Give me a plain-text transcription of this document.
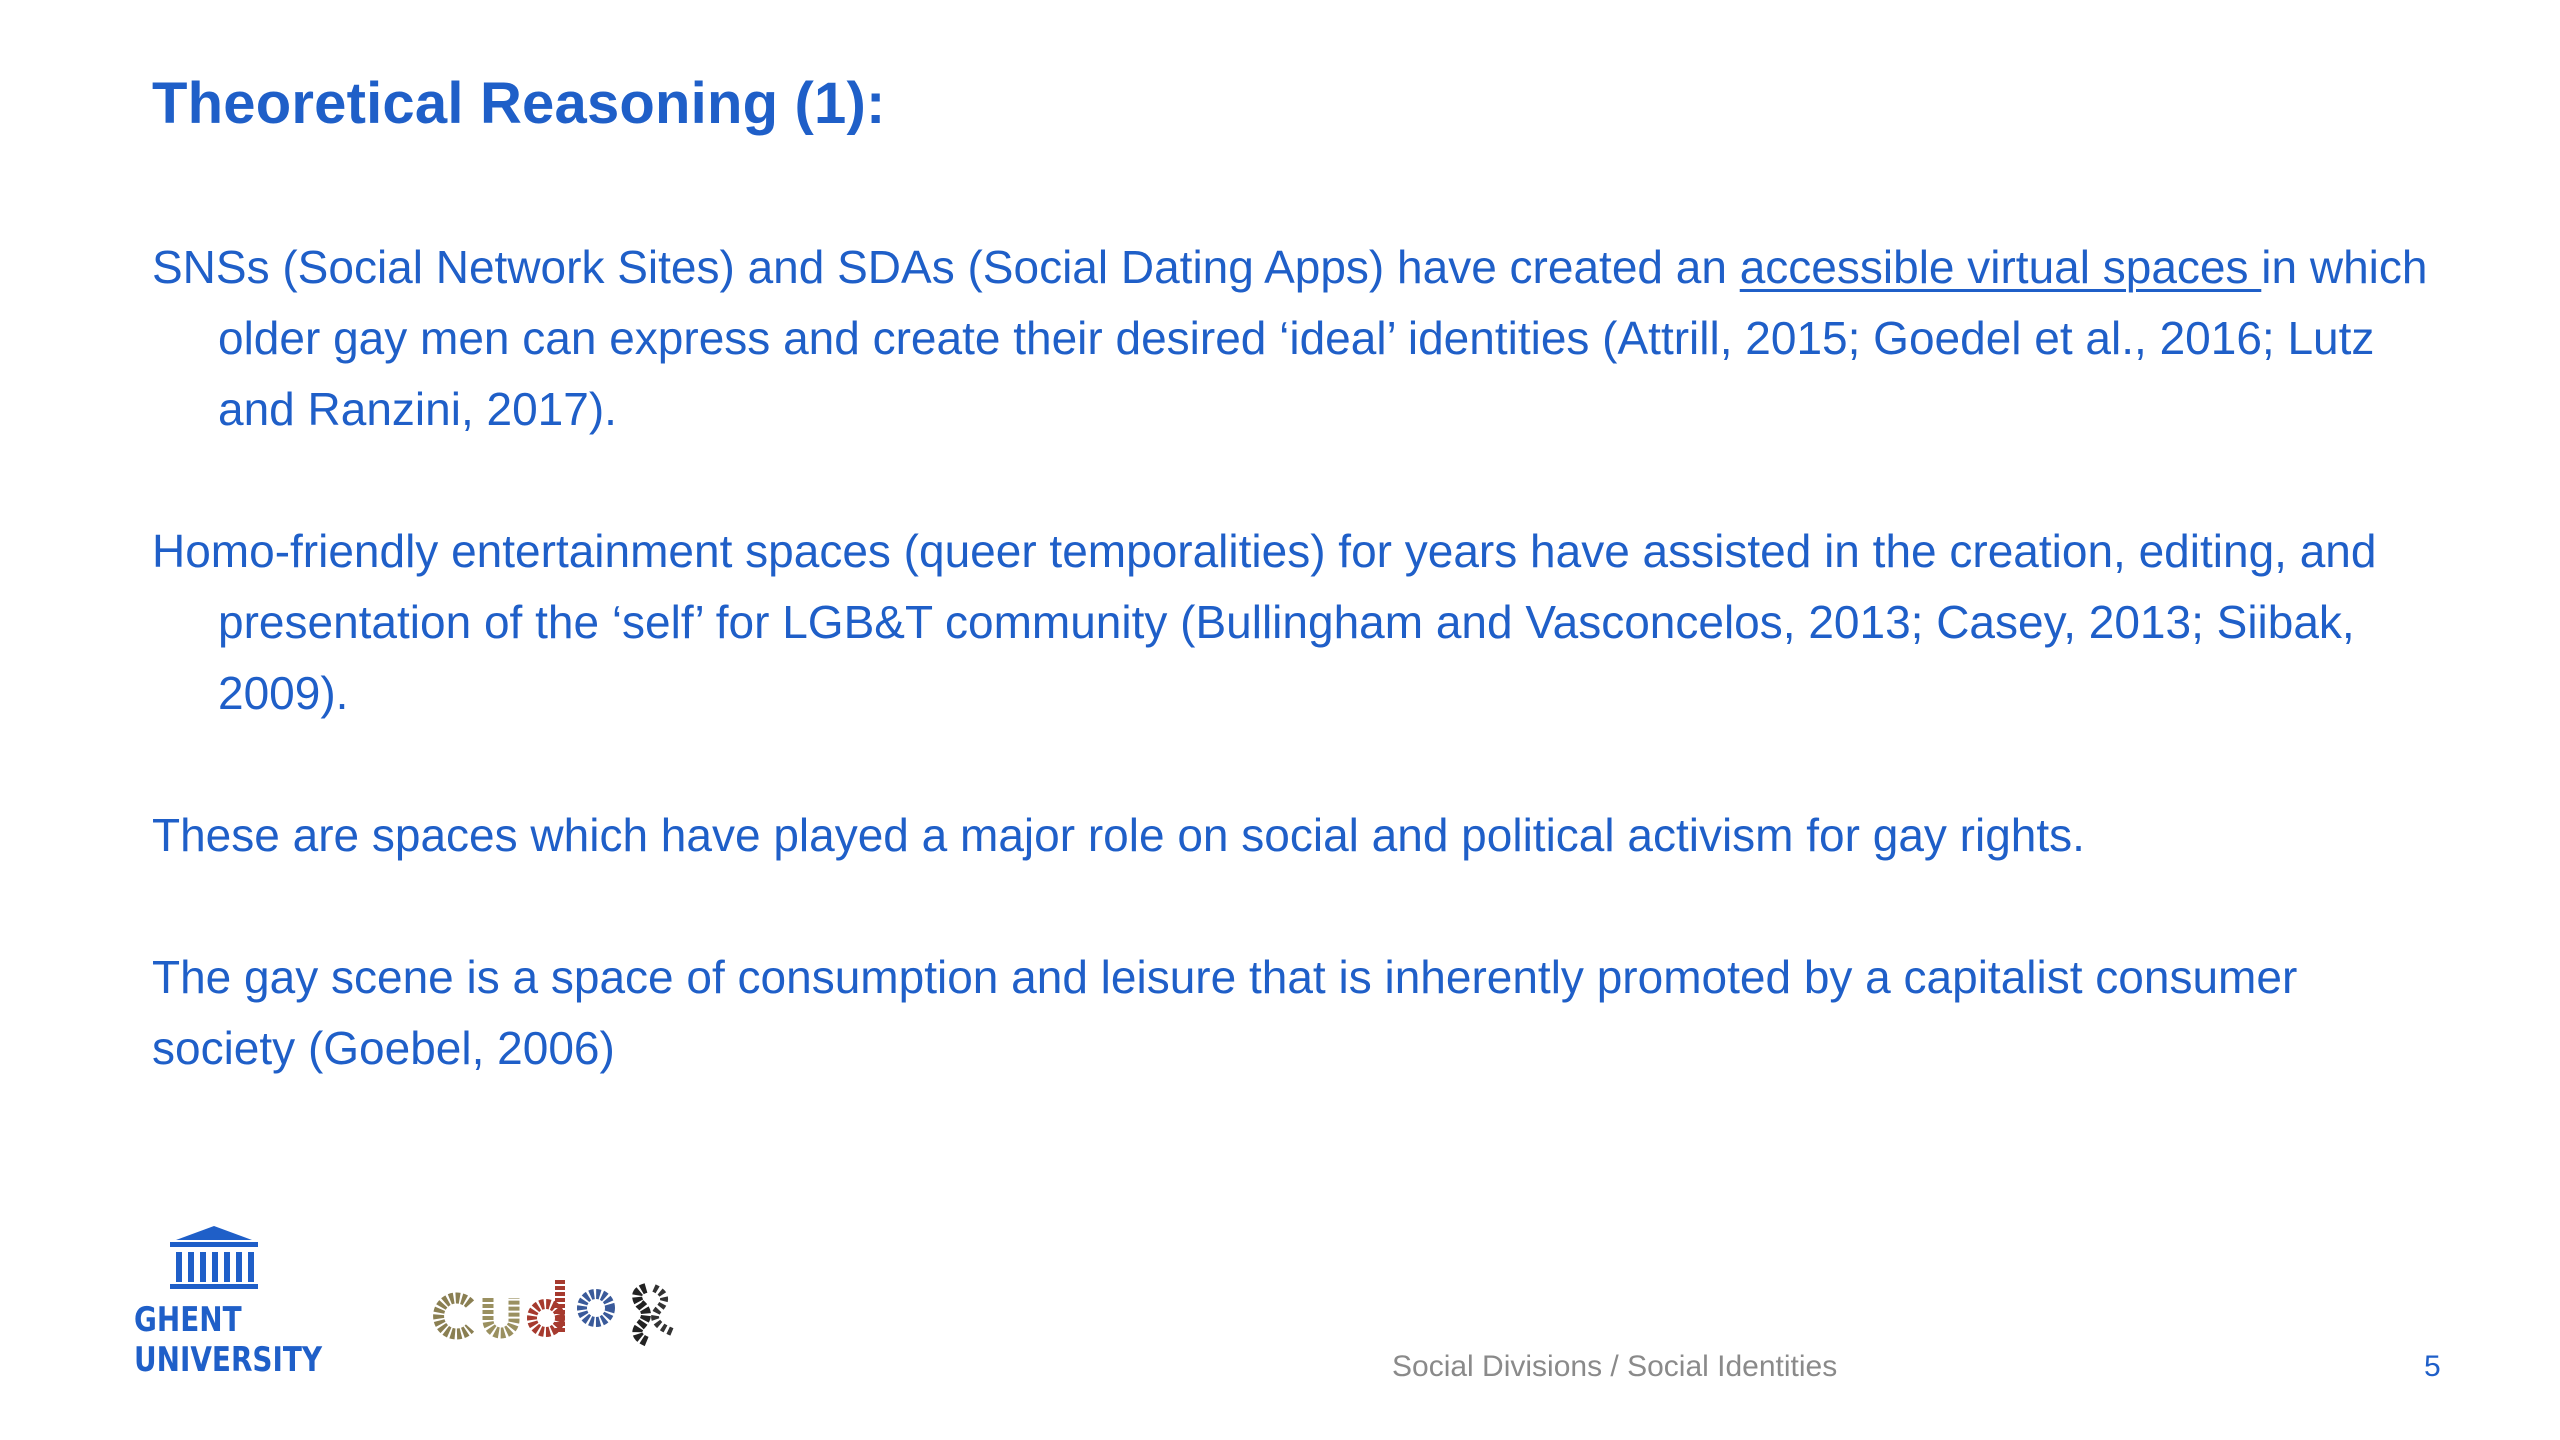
Theoretical Reasoning (1):

SNSs (Social Network Sites) and SDAs (Social Dating Apps) have created an accessible virtual spaces in which older gay men can express and create their desired ‘ideal’ identities (Attrill, 2015; Goedel et al., 2016; Lutz and Ranzini, 2017).

Homo-friendly entertainment spaces (queer temporalities) for years have assisted in the creation, editing, and presentation of the ‘self’ for LGB&T community (Bullingham and Vasconcelos, 2013; Casey, 2013; Siibak, 2009).

These are spaces which have played a major role on social and political activism for gay rights.

The gay scene is a space of consumption and leisure that is inherently promoted by a capitalist consumer society (Goebel, 2006)

GHENT
UNIVERSITY	Social Divisions / Social Identities	5
